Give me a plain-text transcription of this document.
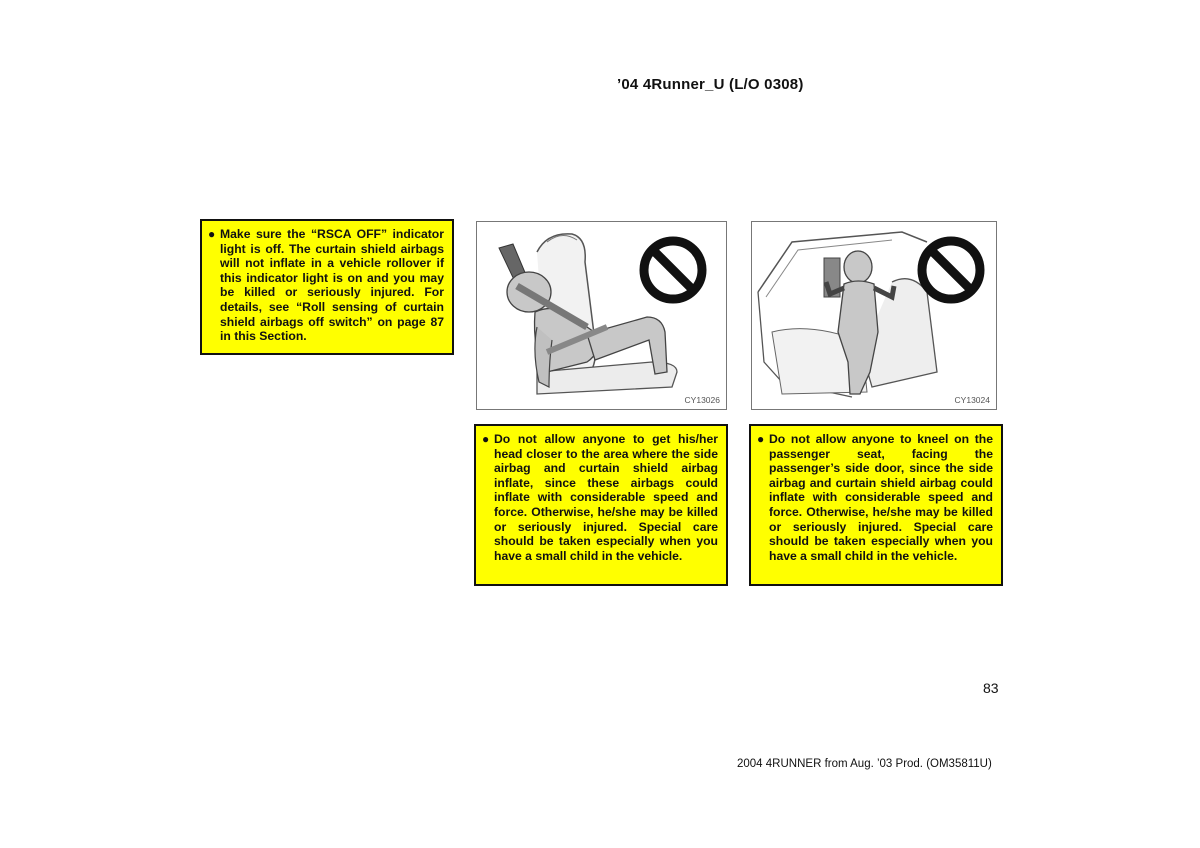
’04 4Runner_U (L/O 0308)
● Make sure the “RSCA OFF” indicator light is off. The curtain shield airbags will not inflate in a vehicle rollover if this indicator light is on and you may be killed or seriously injured. For details, see “Roll sensing of curtain shield airbags off switch” on page 87 in this Section.
CY13026	CY13024
● Do not allow anyone to get his/her head closer to the area where the side airbag and curtain shield airbag inflate, since these airbags could inflate with considerable speed and force. Otherwise, he/she may be killed or seriously injured. Special care should be taken especially when you have a small child in the vehicle.
● Do not allow anyone to kneel on the passenger seat, facing the passenger’s side door, since the side airbag and curtain shield airbag could inflate with considerable speed and force. Otherwise, he/she may be killed or seriously injured. Special care should be taken especially when you have a small child in the vehicle.
83
2004 4RUNNER from Aug. ’03 Prod. (OM35811U)
